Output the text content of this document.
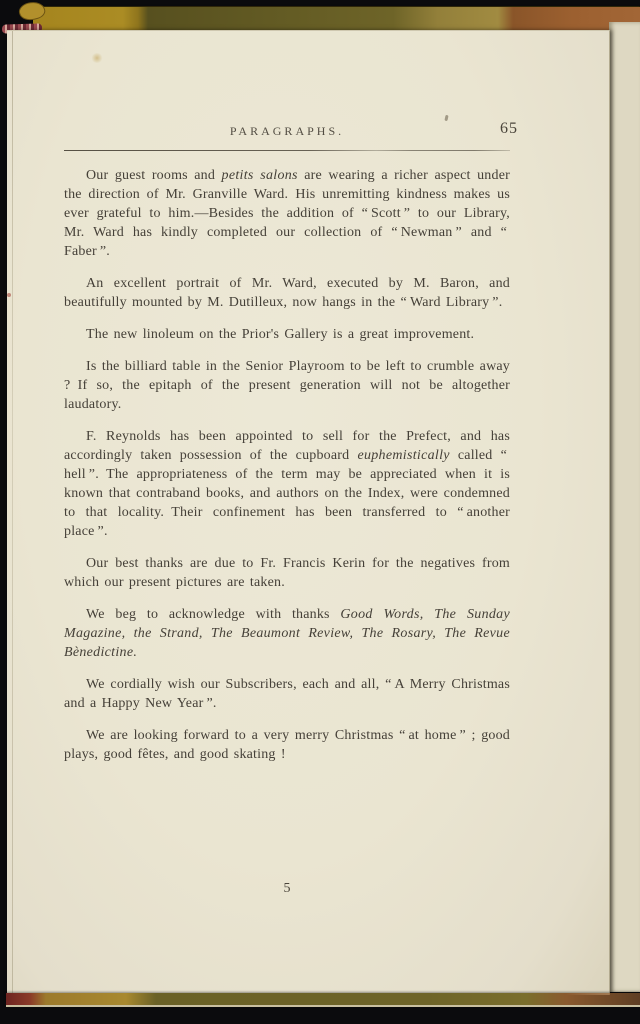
PARAGRAPHS.	65

Our guest rooms and petits salons are wearing a richer aspect under the direction of Mr. Granville Ward. His unremitting kindness makes us ever grateful to him.—Besides the addition of “ Scott ” to our Library, Mr. Ward has kindly completed our collection of “ Newman ” and “ Faber ”.

An excellent portrait of Mr. Ward, executed by M. Baron, and beautifully mounted by M. Dutilleux, now hangs in the “ Ward Library ”.

The new linoleum on the Prior's Gallery is a great improvement.

Is the billiard table in the Senior Playroom to be left to crumble away ? If so, the epitaph of the present generation will not be altogether laudatory.

F. Reynolds has been appointed to sell for the Prefect, and has accordingly taken possession of the cupboard euphemistically called “ hell ”. The appropriateness of the term may be appreciated when it is known that contraband books, and authors on the Index, were condemned to that locality. Their confinement has been transferred to “ another place ”.

Our best thanks are due to Fr. Francis Kerin for the negatives from which our present pictures are taken.

We beg to acknowledge with thanks Good Words, The Sunday Magazine, the Strand, The Beaumont Review, The Rosary, The Revue Bènedictine.

We cordially wish our Subscribers, each and all, “ A Merry Christmas and a Happy New Year ”.

We are looking forward to a very merry Christmas “ at home ” ; good plays, good fêtes, and good skating !

5
